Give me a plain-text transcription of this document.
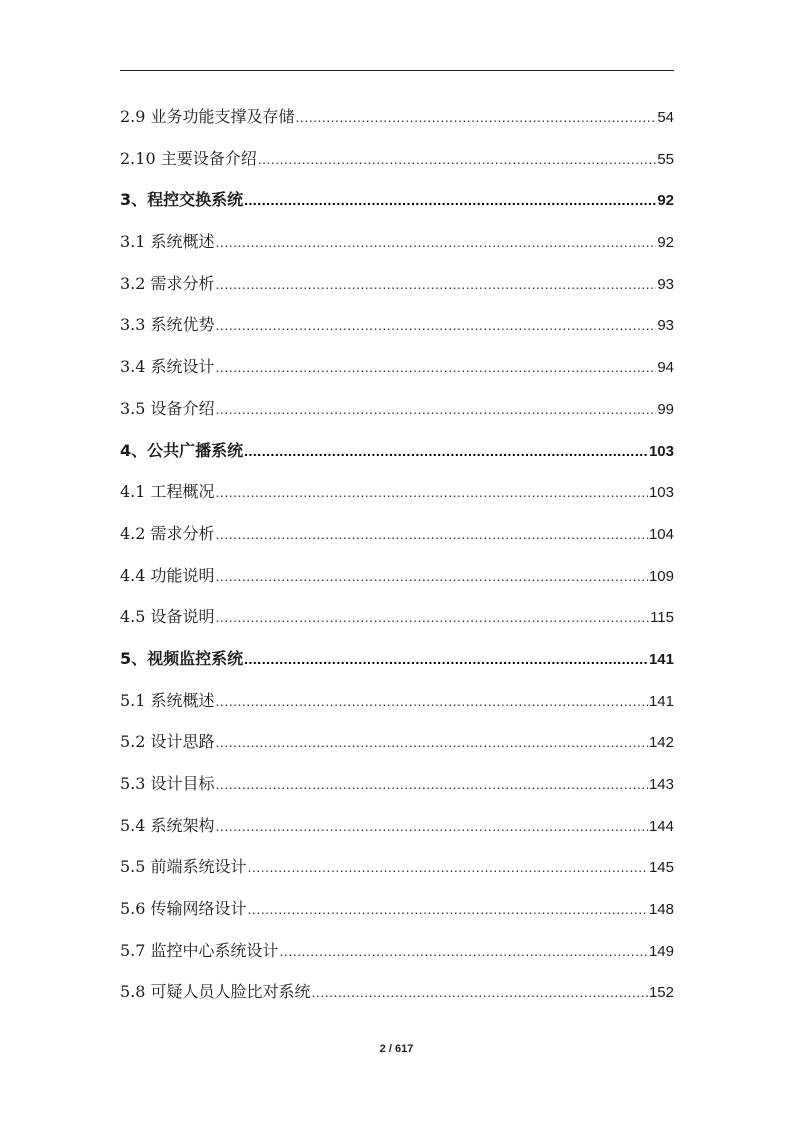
2.9 业务功能支撑及存储 .....	54
2.10 主要设备介绍 .....	55
3、程控交换系统 .....	92
3.1 系统概述 .....	92
3.2 需求分析 .....	93
3.3 系统优势 .....	93
3.4 系统设计 .....	94
3.5 设备介绍 .....	99
4、公共广播系统 .....	103
4.1 工程概况 .....	103
4.2 需求分析 .....	104
4.4 功能说明 .....	109
4.5 设备说明 .....	115
5、视频监控系统 .....	141
5.1 系统概述 .....	141
5.2 设计思路 .....	142
5.3 设计目标 .....	143
5.4 系统架构 .....	144
5.5 前端系统设计 .....	145
5.6 传输网络设计 .....	148
5.7 监控中心系统设计 .....	149
5.8 可疑人员人脸比对系统 .....	152
2 / 617
